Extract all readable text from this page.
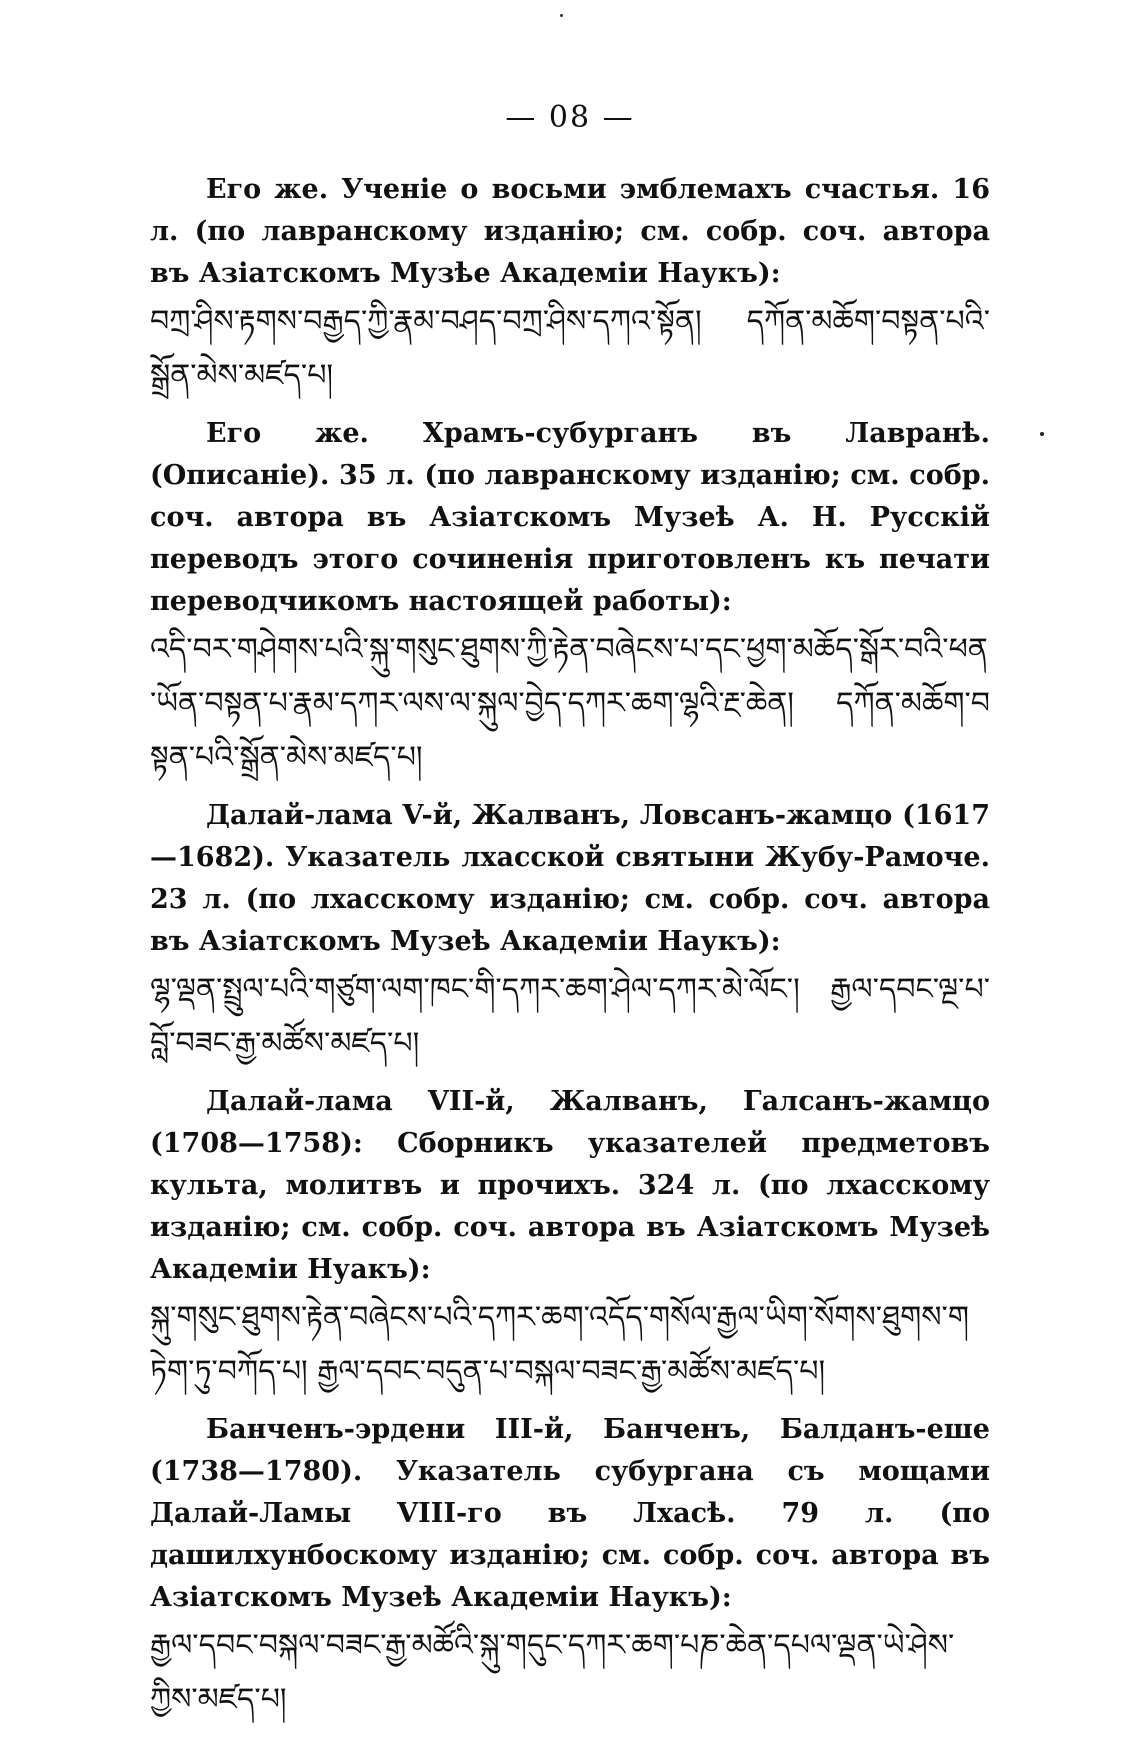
— 08 —

Его же. Ученіе о восьми эмблемахъ счастья. 16 л. (по лавранскому изданію; см. собр. соч. автора въ Азіатскомъ Музѣе Академіи Наукъ):

བཀྲ་ཤིས་རྟགས་བརྒྱད་ཀྱི་རྣམ་བཤད་བཀྲ་ཤིས་དཀའ་སྟོན། དཀོན་མཆོག་བསྟན་པའི་སྒྲོན་མེས་མཛད་པ།

Его же. Храмъ-субурганъ въ Лавранѣ. (Описаніе). 35 л. (по лавранскому изданію; см. собр. соч. автора въ Азіатскомъ Музеѣ А. Н. Русскій переводъ этого сочиненія приготовленъ къ печати переводчикомъ настоящей работы):

འདི་བར་གཤེགས་པའི་སྐུ་གསུང་ཐུགས་ཀྱི་རྟེན་བཞེངས་པ་དང་ཕྱག་མཆོད་སྒོར་བའི་ཕན་ཡོན་བསྟན་པ་རྣམ་དཀར་ལས་ལ་སྐུལ་བྱེད་དཀར་ཆག་ལྷའི་རྔ་ཆེན། དཀོན་མཆོག་བསྟན་པའི་སྒྲོན་མེས་མཛད་པ།

Далай-лама V-й, Жалванъ, Ловсанъ-жамцо (1617—1682). Указатель лхасской святыни Жубу-Рамоче. 23 л. (по лхасскому изданію; см. собр. соч. автора въ Азіатскомъ Музеѣ Академіи Наукъ):

ལྷ་ལྡན་སྤྲུལ་པའི་གཙུག་ལག་ཁང་གི་དཀར་ཆག་ཤེལ་དཀར་མེ་ལོང་། རྒྱལ་དབང་ལྔ་པ་བློ་བཟང་རྒྱ་མཚོས་མཛད་པ།

Далай-лама VII-й, Жалванъ, Галсанъ-жамцо (1708—1758): Сборникъ указателей предметовъ культа, молитвъ и прочихъ. 324 л. (по лхасскому изданію; см. собр. соч. автора въ Азіатскомъ Музеѣ Академіи Нуакъ):

སྐུ་གསུང་ཐུགས་རྟེན་བཞེངས་པའི་དཀར་ཆག་འདོད་གསོལ་རྒྱལ་ཡིག་སོགས་ཐུགས་གཏེག་ཏུ་བཀོད་པ། རྒྱལ་དབང་བདུན་པ་བསྐལ་བཟང་རྒྱ་མཚོས་མཛད་པ།

Банченъ-эрдени III-й, Банченъ, Балданъ-еше (1738—1780). Указатель субургана съ мощами Далай-Ламы VIII-го въ Лхасѣ. 79 л. (по дашилхунбоскому изданію; см. собр. соч. автора въ Азіатскомъ Музеѣ Академіи Наукъ):

རྒྱལ་དབང་བསྐལ་བཟང་རྒྱ་མཚོའི་སྐུ་གདུང་དཀར་ཆག་པཎ་ཆེན་དཔལ་ལྡན་ཡེ་ཤེས་ཀྱིས་མཛད་པ།
